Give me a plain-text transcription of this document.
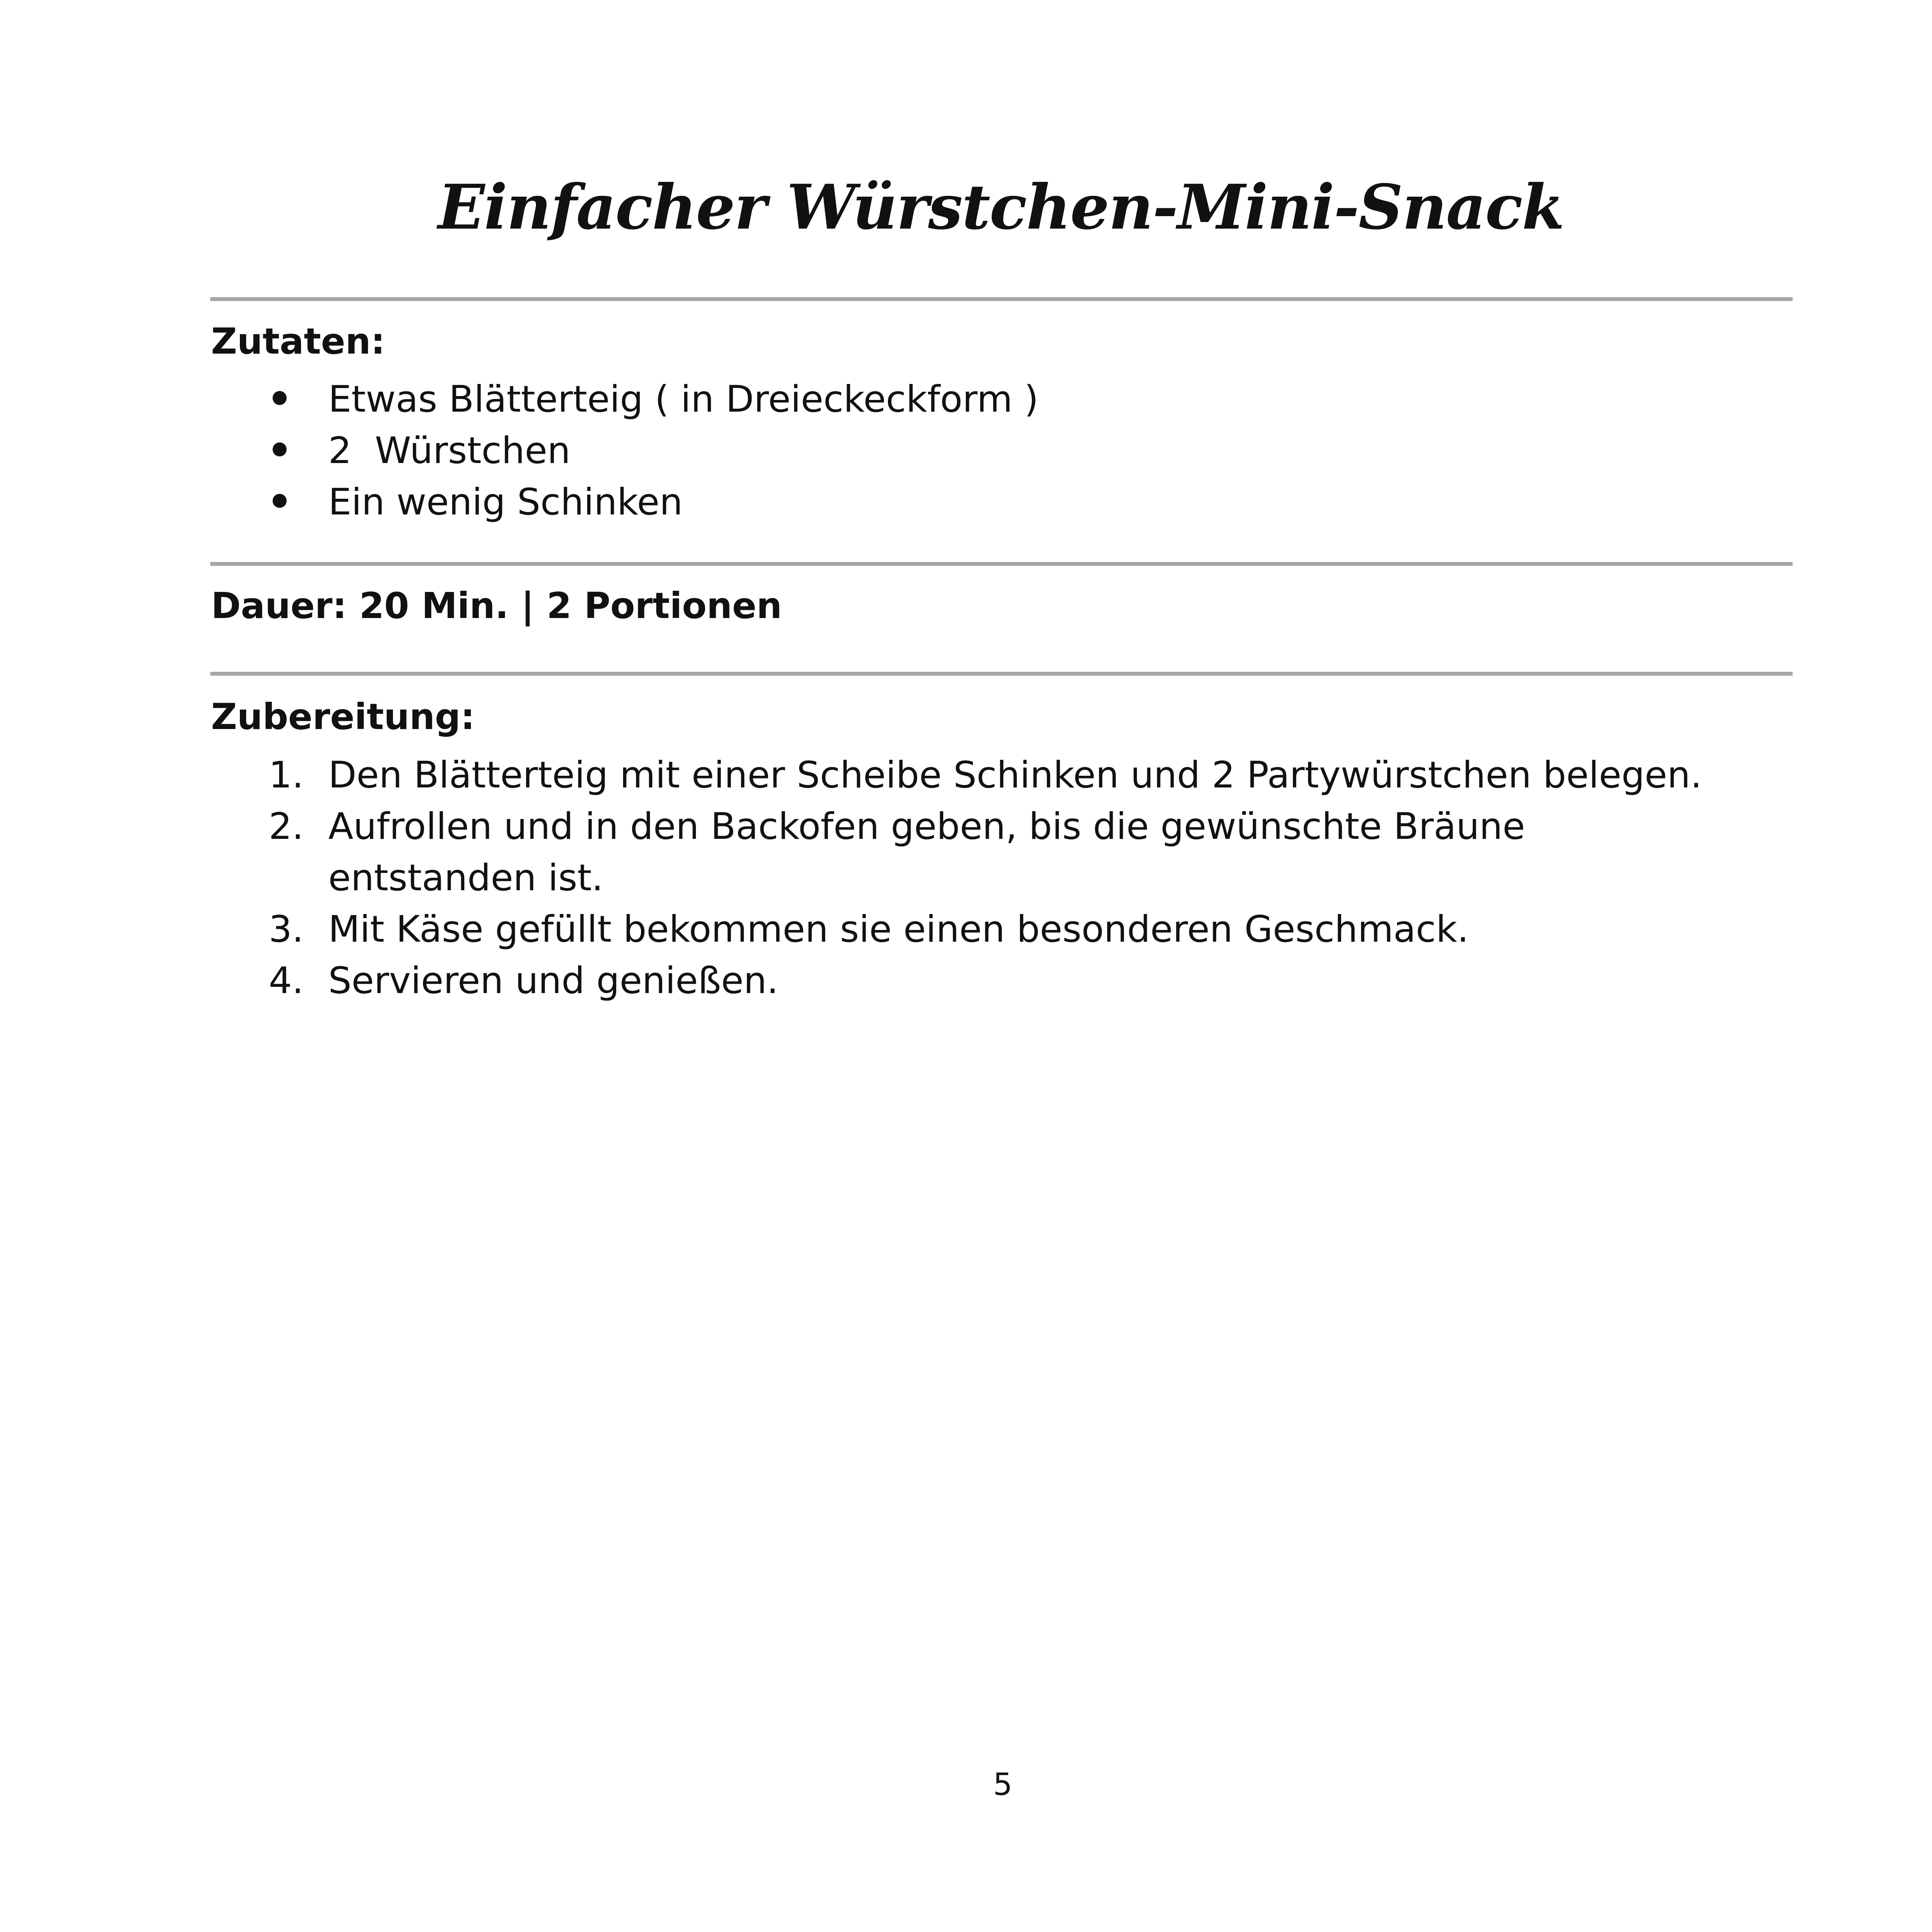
Einfacher Würstchen-Mini-Snack
Zutaten:
Etwas Blätterteig ( in Dreieckeckform )
2  Würstchen
Ein wenig Schinken
Dauer: 20 Min. | 2 Portionen
Zubereitung:
1. Den Blätterteig mit einer Scheibe Schinken und 2 Partywürstchen belegen.
2. Aufrollen und in den Backofen geben, bis die gewünschte Bräune entstanden ist.
3. Mit Käse gefüllt bekommen sie einen besonderen Geschmack.
4. Servieren und genießen.
5
